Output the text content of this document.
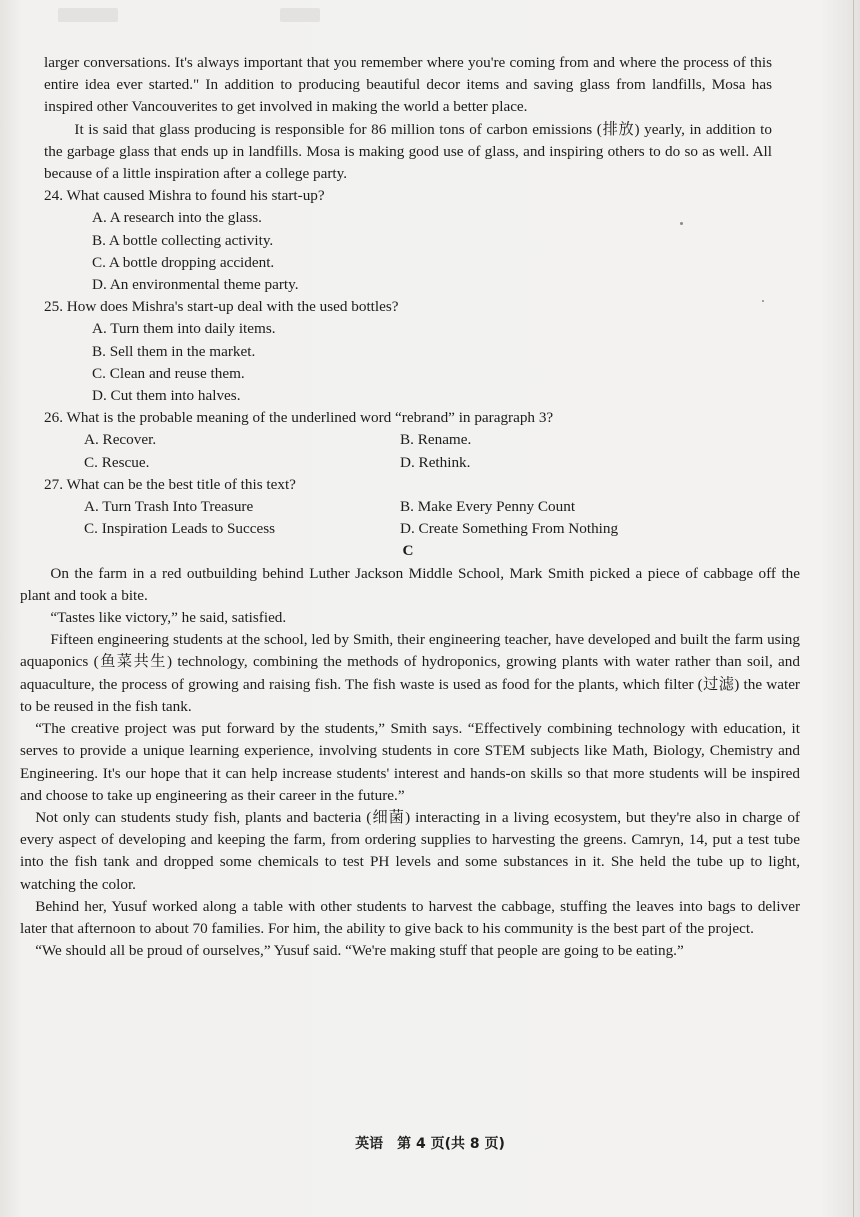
larger conversations. It's always important that you remember where you're coming from and where the process of this entire idea ever started." In addition to producing beautiful decor items and saving glass from landfills, Mosa has inspired other Vancouverites to get involved in making the world a better place.

It is said that glass producing is responsible for 86 million tons of carbon emissions (排放) yearly, in addition to the garbage glass that ends up in landfills. Mosa is making good use of glass, and inspiring others to do so as well. All because of a little inspiration after a college party.

24. What caused Mishra to found his start-up?

A. A research into the glass.

B. A bottle collecting activity.

C. A bottle dropping accident.

D. An environmental theme party.

25. How does Mishra's start-up deal with the used bottles?

A. Turn them into daily items.

B. Sell them in the market.

C. Clean and reuse them.

D. Cut them into halves.

26. What is the probable meaning of the underlined word “rebrand” in paragraph 3?

A. Recover.	B. Rename.
C. Rescue.	D. Rethink.

27. What can be the best title of this text?

A. Turn Trash Into Treasure	B. Make Every Penny Count
C. Inspiration Leads to Success	D. Create Something From Nothing

C

On the farm in a red outbuilding behind Luther Jackson Middle School, Mark Smith picked a piece of cabbage off the plant and took a bite.

“Tastes like victory,” he said, satisfied.

Fifteen engineering students at the school, led by Smith, their engineering teacher, have developed and built the farm using aquaponics (鱼菜共生) technology, combining the methods of hydroponics, growing plants with water rather than soil, and aquaculture, the process of growing and raising fish. The fish waste is used as food for the plants, which filter (过滤) the water to be reused in the fish tank.

“The creative project was put forward by the students,” Smith says. “Effectively combining technology with education, it serves to provide a unique learning experience, involving students in core STEM subjects like Math, Biology, Chemistry and Engineering. It's our hope that it can help increase students' interest and hands-on skills so that more students will be inspired and choose to take up engineering as their career in the future.”

Not only can students study fish, plants and bacteria (细菌) interacting in a living ecosystem, but they're also in charge of every aspect of developing and keeping the farm, from ordering supplies to harvesting the greens. Camryn, 14, put a test tube into the fish tank and dropped some chemicals to test PH levels and some substances in it. She held the tube up to light, watching the color.

Behind her, Yusuf worked along a table with other students to harvest the cabbage, stuffing the leaves into bags to deliver later that afternoon to about 70 families. For him, the ability to give back to his community is the best part of the project.

“We should all be proud of ourselves,” Yusuf said. “We're making stuff that people are going to be eating.”

英语　第 4 页(共 8 页)
